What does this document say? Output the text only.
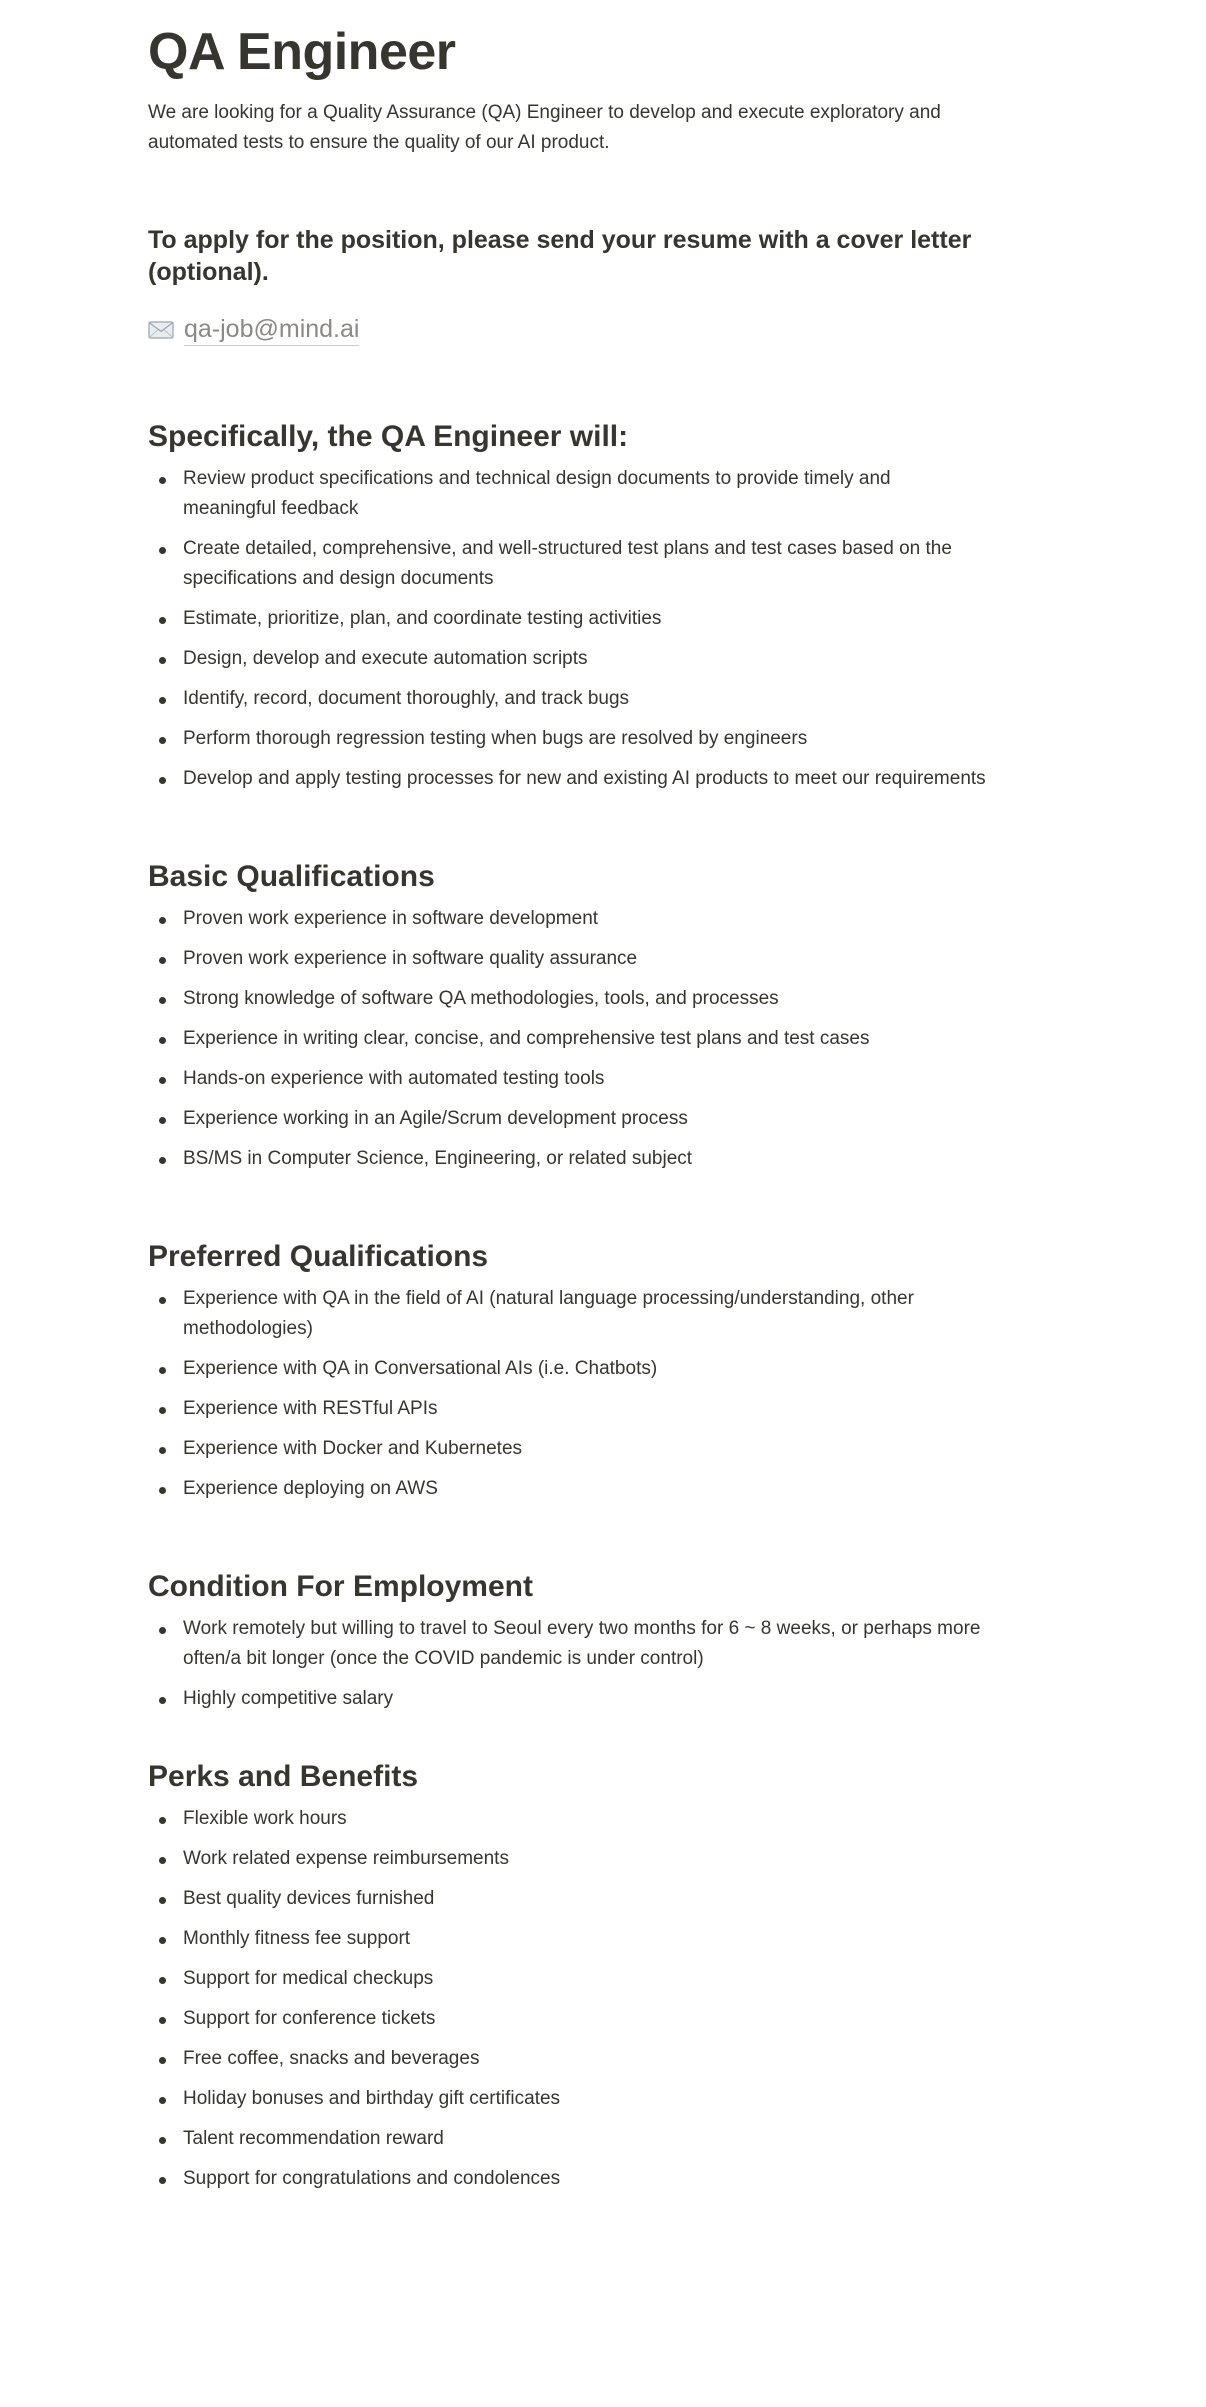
QA Engineer

We are looking for a Quality Assurance (QA) Engineer to develop and execute exploratory and automated tests to ensure the quality of our AI product.

To apply for the position, please send your resume with a cover letter (optional).
qa-job@mind.ai
Specifically, the QA Engineer will:
Review product specifications and technical design documents to provide timely and meaningful feedback
Create detailed, comprehensive, and well-structured test plans and test cases based on the specifications and design documents
Estimate, prioritize, plan, and coordinate testing activities
Design, develop and execute automation scripts
Identify, record, document thoroughly, and track bugs
Perform thorough regression testing when bugs are resolved by engineers
Develop and apply testing processes for new and existing AI products to meet our requirements
Basic Qualifications
Proven work experience in software development
Proven work experience in software quality assurance
Strong knowledge of software QA methodologies, tools, and processes
Experience in writing clear, concise, and comprehensive test plans and test cases
Hands-on experience with automated testing tools
Experience working in an Agile/Scrum development process
BS/MS in Computer Science, Engineering, or related subject
Preferred Qualifications
Experience with QA in the field of AI (natural language processing/understanding, other methodologies)
Experience with QA in Conversational AIs (i.e. Chatbots)
Experience with RESTful APIs
Experience with Docker and Kubernetes
Experience deploying on AWS
Condition For Employment
Work remotely but willing to travel to Seoul every two months for 6 ~ 8 weeks, or perhaps more often/a bit longer (once the COVID pandemic is under control)
Highly competitive salary
Perks and Benefits
Flexible work hours
Work related expense reimbursements
Best quality devices furnished
Monthly fitness fee support
Support for medical checkups
Support for conference tickets
Free coffee, snacks and beverages
Holiday bonuses and birthday gift certificates
Talent recommendation reward
Support for congratulations and condolences
